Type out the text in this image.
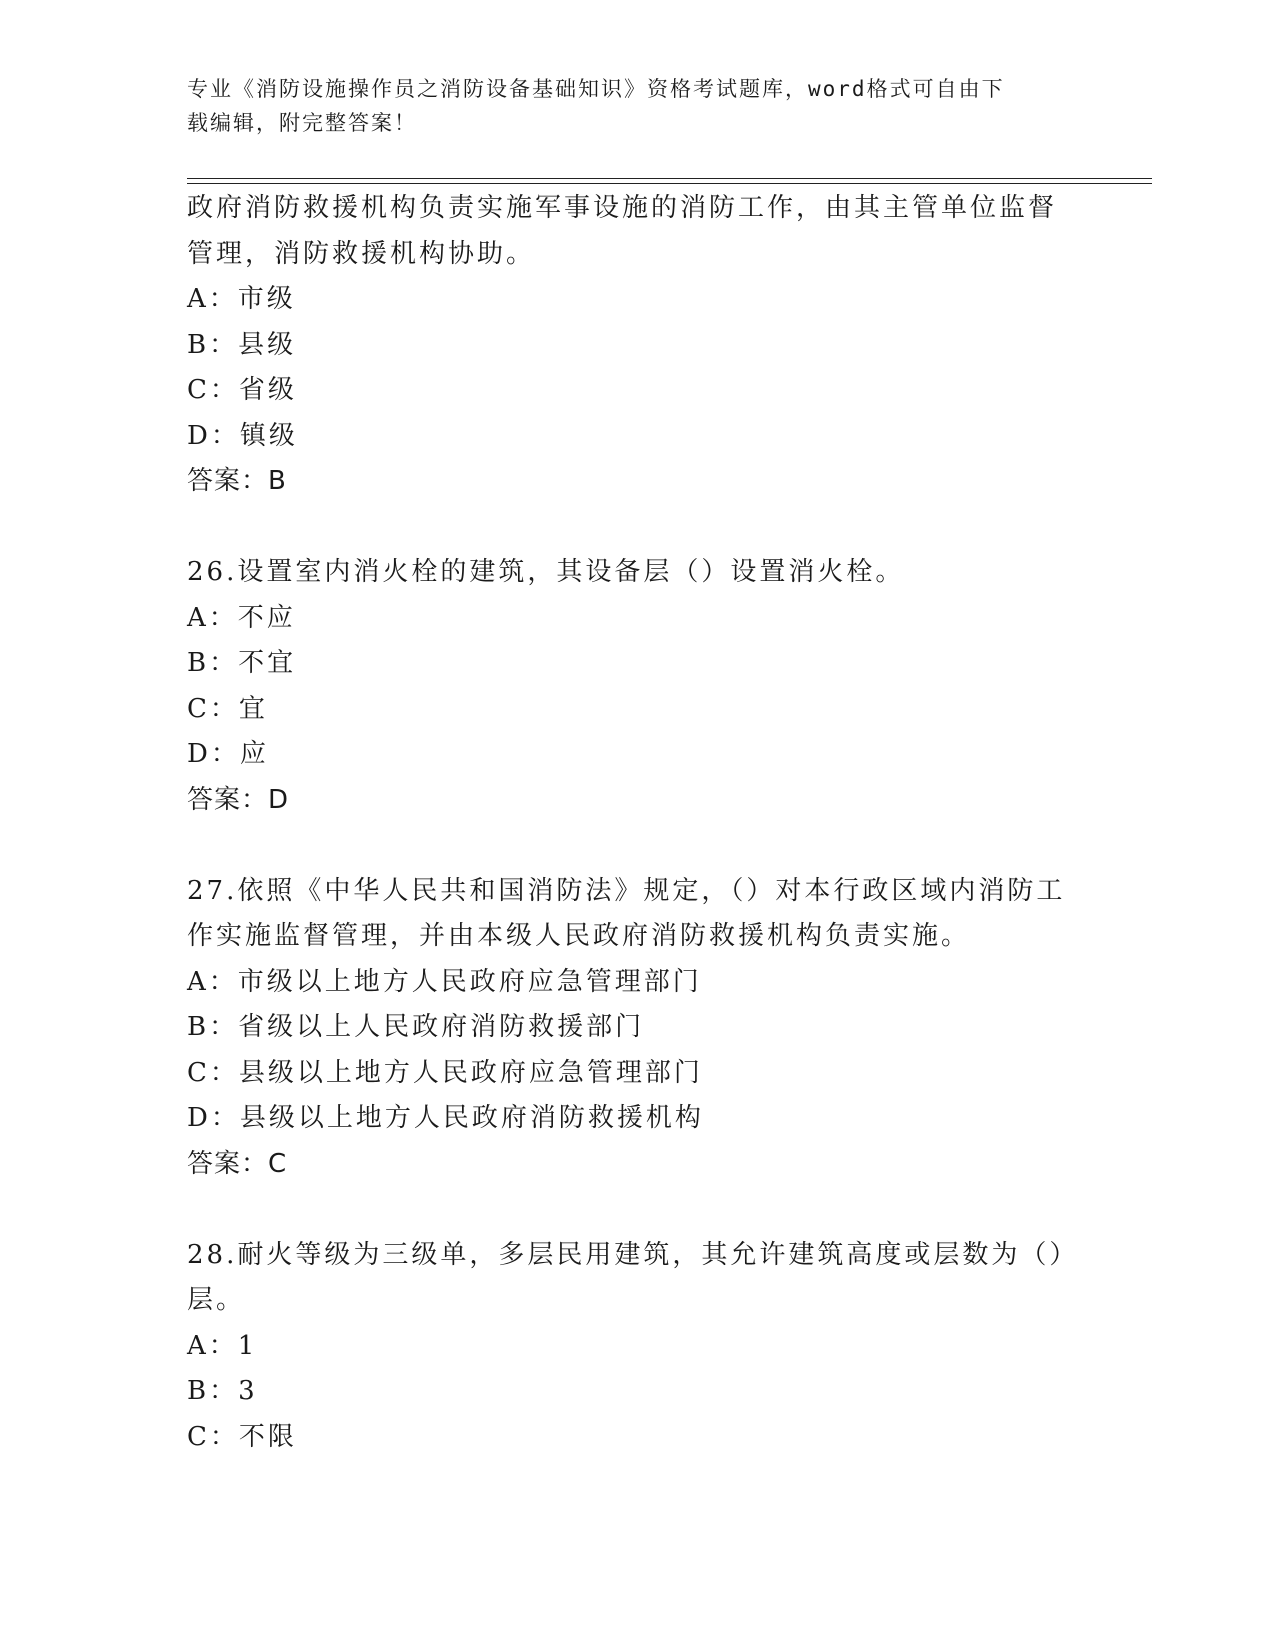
专业《消防设施操作员之消防设备基础知识》资格考试题库，word格式可自由下
载编辑，附完整答案！
政府消防救援机构负责实施军事设施的消防工作，由其主管单位监督
管理，消防救援机构协助。
A：市级
B：县级
C：省级
D：镇级
答案：B
26.设置室内消火栓的建筑，其设备层（）设置消火栓。
A：不应
B：不宜
C：宜
D：应
答案：D
27.依照《中华人民共和国消防法》规定，（）对本行政区域内消防工
作实施监督管理，并由本级人民政府消防救援机构负责实施。
A：市级以上地方人民政府应急管理部门
B：省级以上人民政府消防救援部门
C：县级以上地方人民政府应急管理部门
D：县级以上地方人民政府消防救援机构
答案：C
28.耐火等级为三级单，多层民用建筑，其允许建筑高度或层数为（）
层。
A：1
B：3
C：不限
